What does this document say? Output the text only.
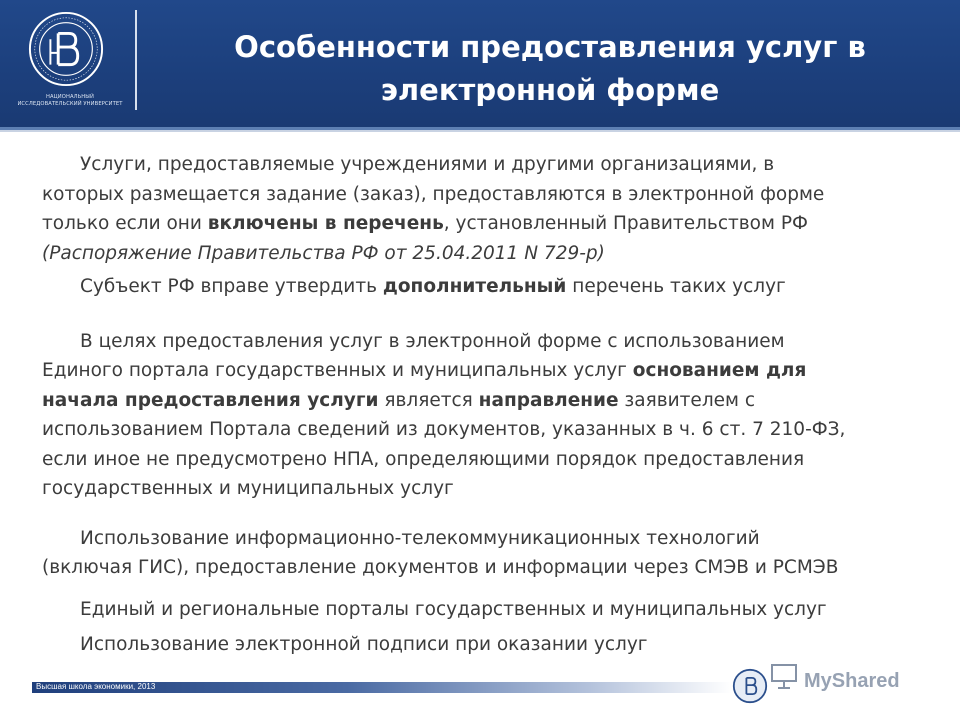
НАЦИОНАЛЬНЫЙ ИССЛЕДОВАТЕЛЬСКИЙ УНИВЕРСИТЕТ
Особенности предоставления услуг в
электронной форме
Услуги, предоставляемые учреждениями и другими организациями, в
которых размещается задание (заказ), предоставляются в электронной форме
только если они включены в перечень, установленный Правительством РФ
(Распоряжение Правительства РФ от 25.04.2011 N 729-р)
Субъект РФ вправе утвердить дополнительный перечень таких услуг
В целях предоставления услуг в электронной форме с использованием
Единого портала государственных и муниципальных услуг основанием для
начала предоставления услуги является направление заявителем с
использованием Портала сведений из документов, указанных в ч. 6 ст. 7 210-ФЗ,
если иное не предусмотрено НПА, определяющими порядок предоставления
государственных и муниципальных услуг
Использование информационно-телекоммуникационных технологий
(включая ГИС), предоставление документов и информации через СМЭВ и РСМЭВ
Единый и региональные порталы государственных и муниципальных услуг
Использование электронной подписи при оказании услуг
Высшая школа экономики, 2013	MyShared
